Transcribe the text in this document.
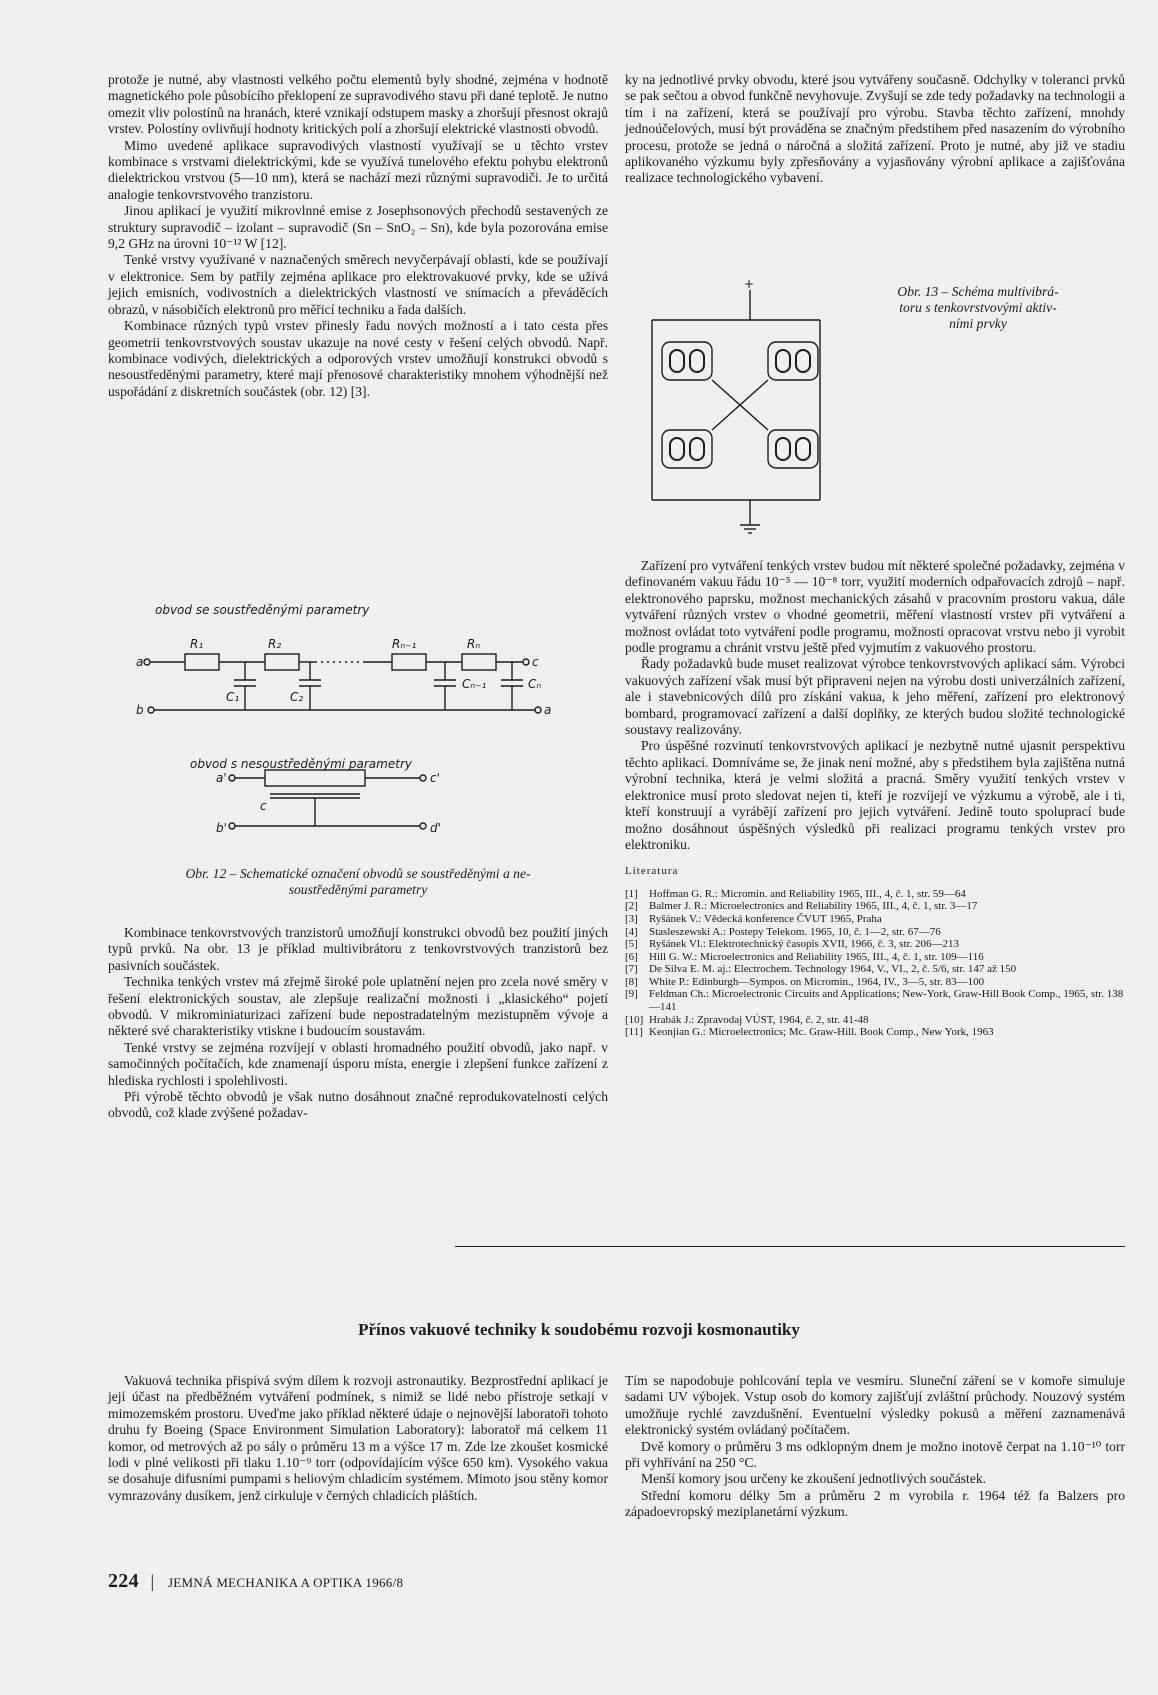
protože je nutné, aby vlastnosti velkého počtu elementů byly shodné, zejména v hodnotě magnetického pole působícího překlopení ze supravodivého stavu při dané teplotě. Je nutno omezit vliv polostínů na hranách, které vznikají odstupem masky a zhoršují přesnost okrajů vrstev. Polostíny ovlivňují hodnoty kritických polí a zhoršují elektrické vlastnosti obvodů.

Mimo uvedené aplikace supravodivých vlastností využívají se u těchto vrstev kombinace s vrstvami dielektrickými, kde se využívá tunelového efektu pohybu elektronů dielektrickou vrstvou (5—10 nm), která se nachází mezi různými supravodiči. Je to určitá analogie tenkovrstvového tranzistoru.

Jinou aplikací je využití mikrovlnné emise z Josephsonových přechodů sestavených ze struktury supravodič – izolant – supravodič (Sn – SnO₂ – Sn), kde byla pozorována emise 9,2 GHz na úrovni 10⁻¹² W [12].

Tenké vrstvy využívané v naznačených směrech nevyčerpávají oblasti, kde se používají v elektronice. Sem by patřily zejména aplikace pro elektrovakuové prvky, kde se užívá jejich emisních, vodivostních a dielektrických vlastností ve snímacích a převáděcích obrazů, v násobičích elektronů pro měřicí techniku a řada dalších.

Kombinace různých typů vrstev přinesly řadu nových možností a i tato cesta přes geometrii tenkovrstvových soustav ukazuje na nové cesty v řešení celých obvodů. Např. kombinace vodivých, dielektrických a odporových vrstev umožňují konstrukci obvodů s nesoustředěnými parametry, které mají přenosové charakteristiky mnohem výhodnější než uspořádání z diskretních součástek (obr. 12) [3].

obvod se soustředěnými parametry
R₁	R₂	Rₙ₋₁	Rₙ
C₁	C₂
Cₙ₋₁	Cₙ
a	c
b	a
obvod s nesoustředěnými parametry
a'
c
c'
b'	d'
Obr. 12 – Schematické označení obvodů se soustředěnými a ne-
soustředěnými parametry

Kombinace tenkovrstvových tranzistorů umožňují konstrukci obvodů bez použití jiných typů prvků. Na obr. 13 je příklad multivibrátoru z tenkovrstvových tranzistorů bez pasivních součástek.

Technika tenkých vrstev má zřejmě široké pole uplatnění nejen pro zcela nové směry v řešení elektronických soustav, ale zlepšuje realizační možnosti i „klasického“ pojetí obvodů. V mikrominiaturizaci zařízení bude nepostradatelným mezistupněm vývoje a některé své charakteristiky vtiskne i budoucím soustavám.

Tenké vrstvy se zejména rozvíjejí v oblasti hromadného použití obvodů, jako např. v samočinných počítačích, kde znamenají úsporu místa, energie i zlepšení funkce zařízení z hlediska rychlosti i spolehlivosti.

Při výrobě těchto obvodů je však nutno dosáhnout značné reprodukovatelnosti celých obvodů, což klade zvýšené požadav-

ky na jednotlivé prvky obvodu, které jsou vytvářeny současně. Odchylky v toleranci prvků se pak sečtou a obvod funkčně nevyhovuje. Zvyšují se zde tedy požadavky na technologii a tím i na zařízení, která se používají pro výrobu. Stavba těchto zařízení, mnohdy jednoúčelových, musí být prováděna se značným předstihem před nasazením do výrobního procesu, protože se jedná o náročná a složitá zařízení. Proto je nutné, aby již ve stadiu aplikovaného výzkumu byly zpřesňovány a vyjasňovány výrobní aplikace a zajišťována realizace technologického vybavení.

+	Obr. 13 – Schéma multivibrá-
toru s tenkovrstvovými aktiv-
ními prvky

Zařízení pro vytváření tenkých vrstev budou mít některé společné požadavky, zejména v definovaném vakuu řádu 10⁻⁵ — 10⁻⁸ torr, využití moderních odpařovacích zdrojů – např. elektronového paprsku, možnost mechanických zásahů v pracovním prostoru vakua, dále vytváření různých vrstev o vhodné geometrii, měření vlastností vrstev při vytváření a možnost ovládat toto vytváření podle programu, možnosti opracovat vrstvu nebo ji vyrobit podle programu a chránit vrstvu ještě před vyjmutím z vakuového prostoru.

Řady požadavků bude muset realizovat výrobce tenkovrstvových aplikací sám. Výrobci vakuových zařízení však musí být připraveni nejen na výrobu dosti univerzálních zařízení, ale i stavebnicových dílů pro získání vakua, k jeho měření, zařízení pro elektronový bombard, programovací zařízení a další doplňky, ze kterých budou složité technologické soustavy realizovány.

Pro úspěšné rozvinutí tenkovrstvových aplikací je nezbytně nutné ujasnit perspektivu těchto aplikací. Domníváme se, že jinak není možné, aby s předstihem byla zajištěna nutná výrobní technika, která je velmi složitá a pracná. Směry využití tenkých vrstev v elektronice musí proto sledovat nejen ti, kteří je rozvíjejí ve výzkumu a výrobě, ale i ti, kteří konstruují a vyrábějí zařízení pro jejich vytváření. Jedině touto spoluprací bude možno dosáhnout úspěšných výsledků při realizaci programu tenkých vrstev pro elektroniku.

Literatura
[1]	Hoffman G. R.: Micromin. and Reliability 1965, III., 4, č. 1, str. 59—64
[2]	Balmer J. R.: Microelectronics and Reliability 1965, III., 4, č. 1, str. 3—17
[3]	Ryšánek V.: Vědecká konference ČVUT 1965, Praha
[4]	Stasleszewski A.: Postepy Telekom. 1965, 10, č. 1—2, str. 67—76
[5]	Ryšánek Vl.: Elektrotechnický časopis XVII, 1966, č. 3, str. 206—213
[6]	Hill G. W.: Microelectronics and Reliability 1965, III., 4, č. 1, str. 109—116
[7]	De Silva E. M. aj.: Electrochem. Technology 1964, V., VI., 2, č. 5/6, str. 147 až 150
[8]	White P.: Edinburgh—Sympos. on Micromin., 1964, IV., 3—5, str. 83—100
[9]	Feldman Ch.: Microelectronic Circuits and Applications; New-York, Graw-Hill Book Comp., 1965, str. 138—141
[10] Hrabák J.: Zpravodaj VÚST, 1964, č. 2, str. 41-48
[11] Keonjian G.: Microelectronics; Mc. Graw-Hill. Book Comp., New York, 1963
Přínos vakuové techniky k soudobému rozvoji kosmonautiky

Vakuová technika přispívá svým dílem k rozvoji astronautiky. Bezprostřední aplikací je její účast na předběžném vytváření podmínek, s nimiž se lidé nebo přístroje setkají v mimozemském prostoru. Uveďme jako příklad některé údaje o nejnovější laboratoři tohoto druhu fy Boeing (Space Environment Simulation Laboratory): laboratoř má celkem 11 komor, od metrových až po sály o průměru 13 m a výšce 17 m. Zde lze zkoušet kosmické lodi v plné velikosti při tlaku 1.10⁻⁹ torr (odpovídajícím výšce 650 km). Vysokého vakua se dosahuje difusními pumpami s heliovým chladicím systémem. Mimoto jsou stěny komor vymrazovány dusíkem, jenž cirkuluje v černých chladicích pláštích.

Tím se napodobuje pohlcování tepla ve vesmíru. Sluneční záření se v komoře simuluje sadami UV výbojek. Vstup osob do komory zajišťují zvláštní průchody. Nouzový systém umožňuje rychlé zavzdušnění. Eventuelní výsledky pokusů a měření zaznamenává elektronický systém ovládaný počítačem.

Dvě komory o průměru 3 ms odklopným dnem je možno inotově čerpat na 1.10⁻¹⁰ torr při vyhřívání na 250 °C.

Menší komory jsou určeny ke zkoušení jednotlivých součástek.

Střední komoru délky 5m a průměru 2 m vyrobila r. 1964 též fa Balzers pro západoevropský meziplanetární výzkum.

224 | JEMNÁ MECHANIKA A OPTIKA 1966/8
